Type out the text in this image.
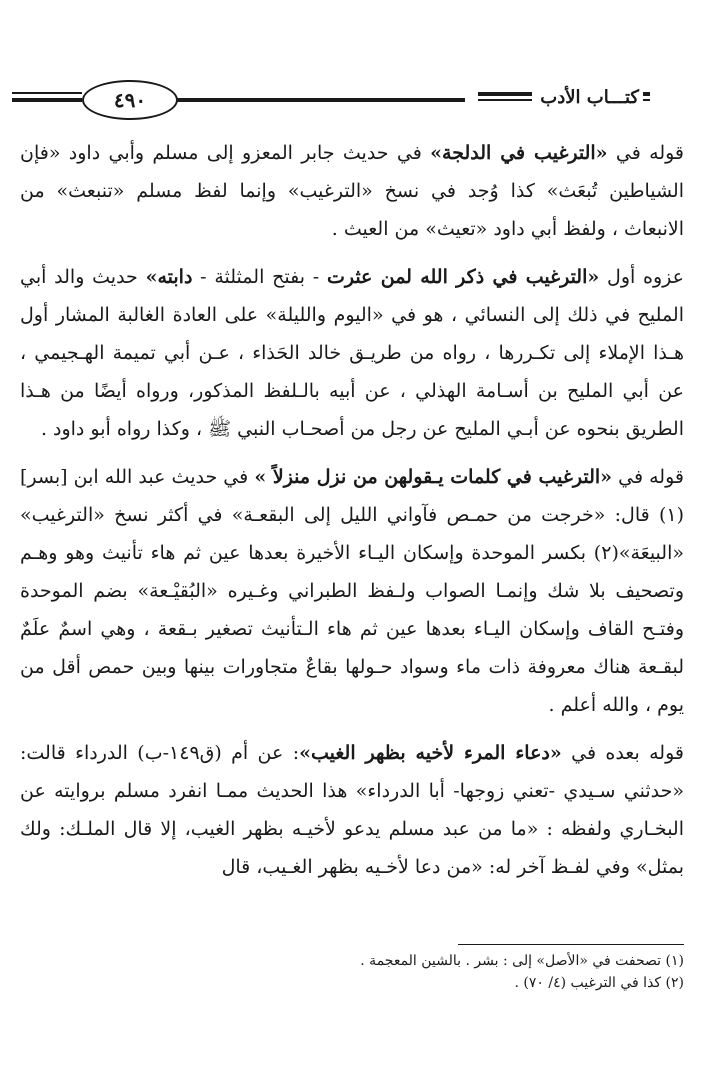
كتـــاب الأدب
٤٩٠

قوله في «الترغيب في الدلجة» في حديث جابر المعزو إلى مسلم وأبي داود «فإن الشياطين تُبعَث» كذا وُجد في نسخ «الترغيب» وإنما لفظ مسلم «تنبعث» من الانبعاث ، ولفظ أبي داود «تعيث» من العيث .

عزوه أول «الترغيب في ذكر الله لمن عثرت - بفتح المثلثة - دابته» حديث والد أبي المليح في ذلك إلى النسائي ، هو في «اليوم والليلة» على العادة الغالبة المشار أول هـذا الإملاء إلى تكـررها ، رواه من طريـق خالد الحَذاء ، عـن أبي تميمة الهـجيمي ، عن أبي المليح بن أسـامة الهذلي ، عن أبيه بالـلفظ المذكور، وروا‌ه أيضًا من هـذا الطريق بنحوه عن أبـي المليح عن رجل من أصحـاب النبي ﷺ ، وكذا رواه أبو داود .

قوله في «الترغيب في كلمات يـقولهن من نزل منزلاً » في حديث عبد الله ابن [بسر](١) قال: «خرجت من حمـص فآواني الليل إلى البقعـة» في أكثر نسخ «الترغيب» «البيعَة»(٢) بكسر الموحدة وإسكان اليـاء الأخيرة بعدها عين ثم هاء تأنيث وهو وهـم وتصحيف بلا شك وإنمـا الصواب ولـفظ الطبراني وغـيره «البُقيْـعة» بضم الموحدة وفتـح القاف وإسكان اليـاء بعدها عين ثم هاء الـتأنيث تصغير بـقعة ، وهي اسمٌ علَمٌ لبقـعة هناك معروفة ذات ماء وسواد حـولها بقاعٌ متجاورات بينها وبين حمص أقل من يوم ، والله أعلم .

قوله بعده في «دعاء المرء لأخيه بظهر الغيب»: عن أم (ق١٤٩-ب) الدرداء قالت: «حدثني سـيدي -تعني زوجها- أبا الدرداء» هذا الحديث ممـا انفرد مسلم بروايته عن البخـاري ولفظه : «ما من عبد مسلم يدعو لأخيـه بظهر الغيب، إلا قال الملـك: ولك بمثل» وفي لفـظ آخر له: «من دعا لأخـيه بظهر الغـيب، قال

(١) تصحفت في «الأصل» إلى : بشر . بالشين المعجمة .

(٢) كذا في الترغيب (٤/ ٧٠) .
